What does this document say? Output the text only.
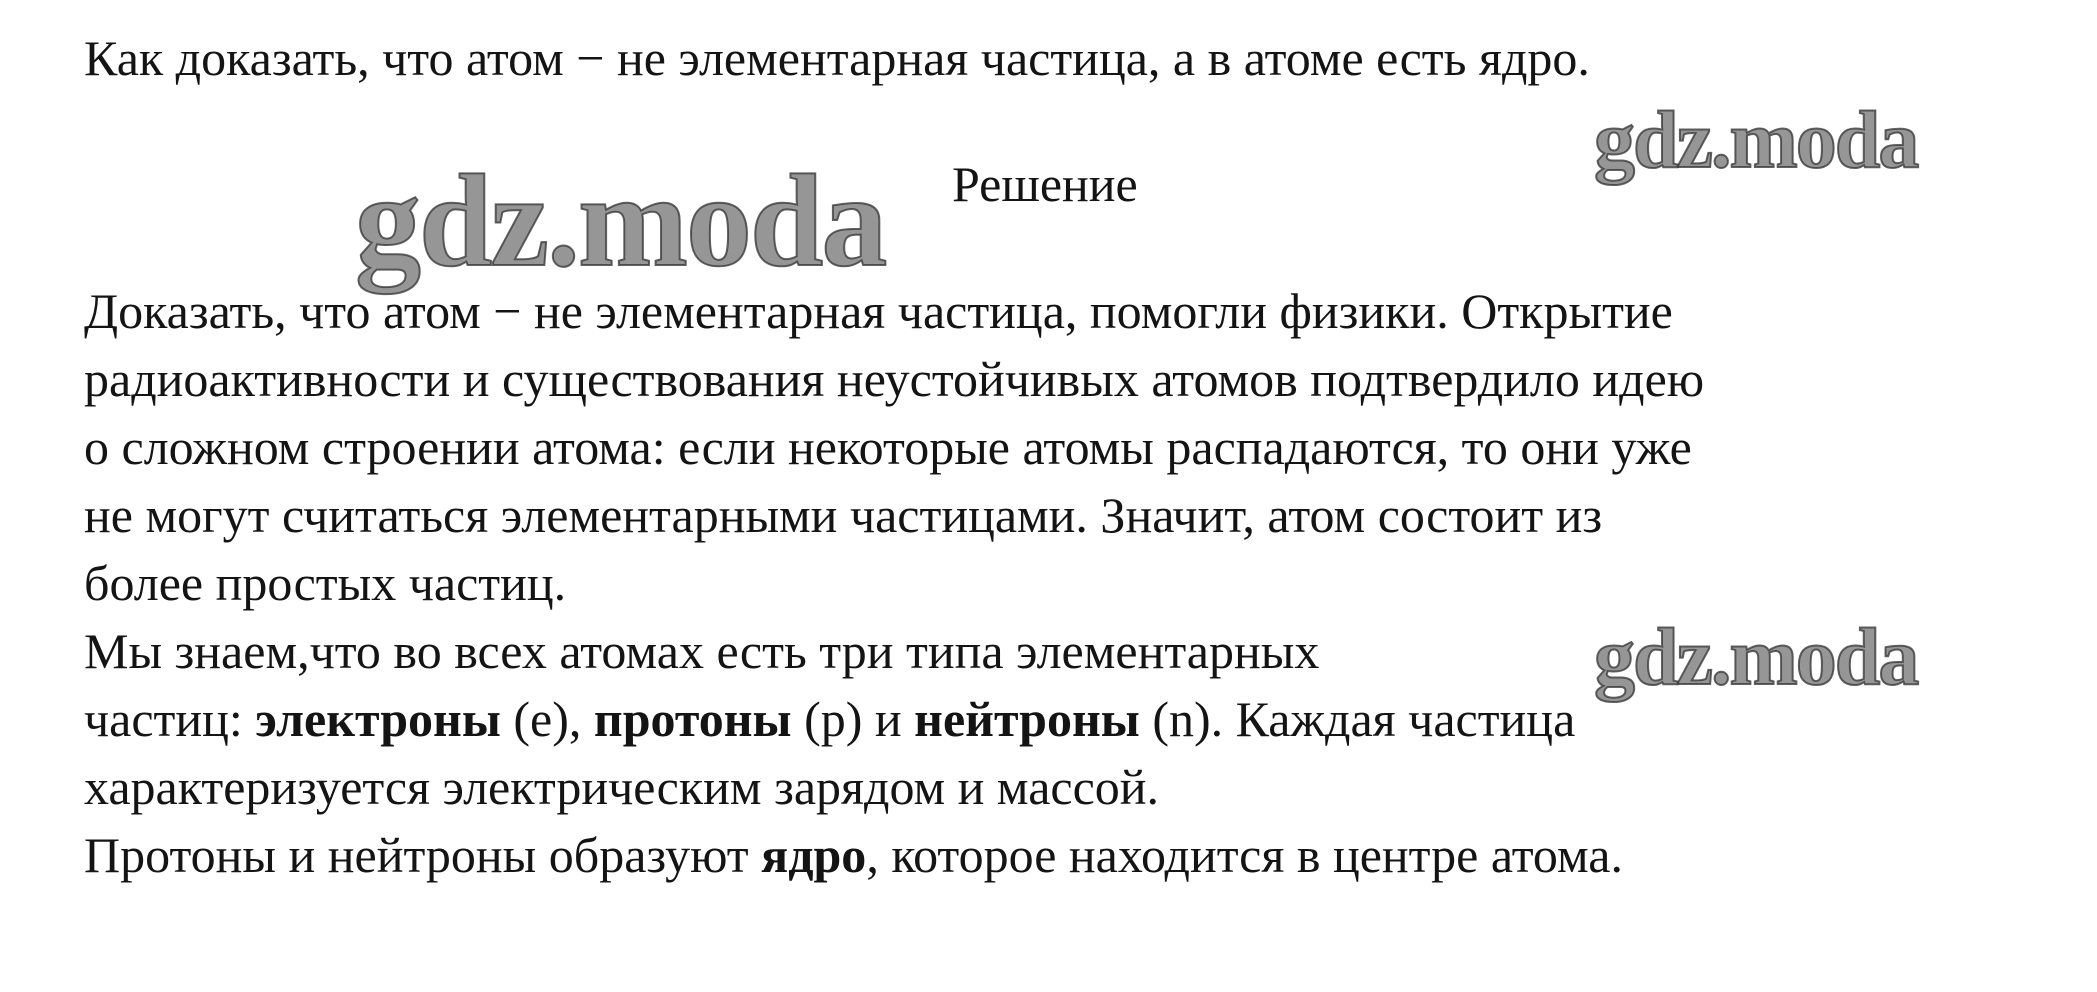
Как доказать, что атом − не элементарная частица, а в атоме есть ядро.
Решение	gdz.moda
gdz.moda
Доказать, что атом − не элементарная частица, помогли физики. Открытие
радиоактивности и существования неустойчивых атомов подтвердило идею
о сложном строении атома: если некоторые атомы распадаются, то они уже
не могут считаться элементарными частицами. Значит, атом состоит из
более простых частиц.
Мы знаем,что во всех атомах есть три типа элементарных
частиц: электроны (e), протоны (p) и нейтроны (n). Каждая частица
характеризуется электрическим зарядом и массой.
Протоны и нейтроны образуют ядро, которое находится в центре атома.
gdz.moda
